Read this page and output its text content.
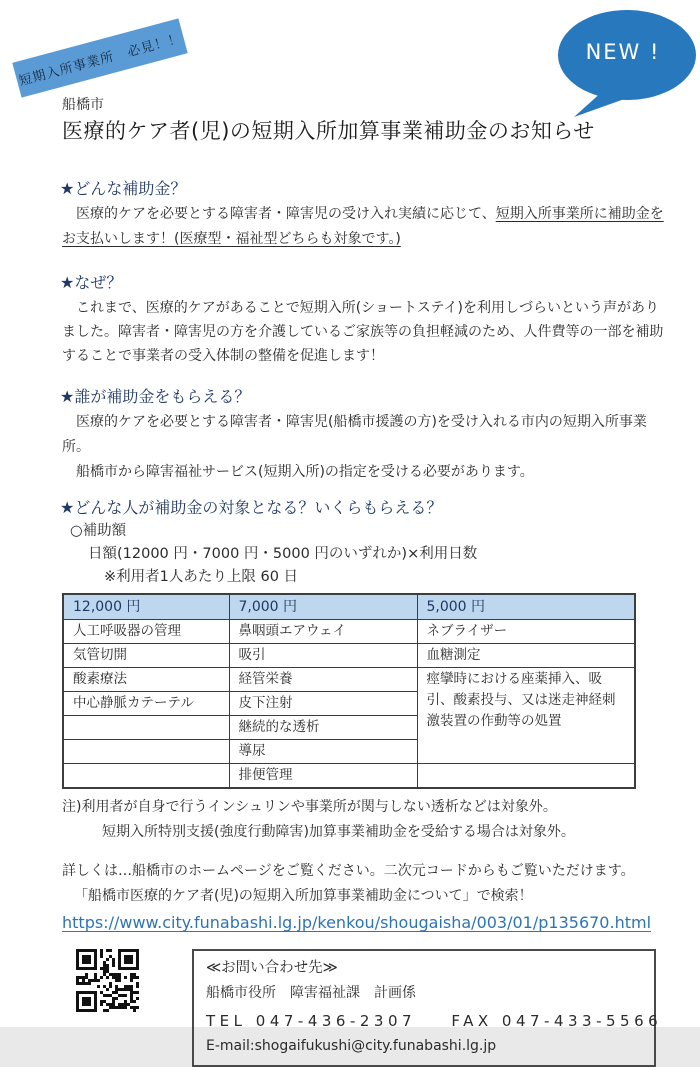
短期入所事業所　必見！！	NEW !
船橋市
医療的ケア者(児)の短期入所加算事業補助金のお知らせ
★どんな補助金？

医療的ケアを必要とする障害者・障害児の受け入れ実績に応じて、短期入所事業所に補助金をお支払いします！(医療型・福祉型どちらも対象です。)

★なぜ？

これまで、医療的ケアがあることで短期入所(ショートステイ)を利用しづらいという声がありました。障害者・障害児の方を介護しているご家族等の負担軽減のため、人件費等の一部を補助することで事業者の受入体制の整備を促進します！

★誰が補助金をもらえる？

医療的ケアを必要とする障害者・障害児(船橋市援護の方)を受け入れる市内の短期入所事業所。
船橋市から障害福祉サービス(短期入所)の指定を受ける必要があります。

★どんな人が補助金の対象となる？いくらもらえる？
○補助額
日額(12000 円・7000 円・5000 円のいずれか)×利用日数
※利用者1人あたり上限 60 日
12,000 円	7,000 円	5,000 円
人工呼吸器の管理	鼻咽頭エアウェイ	ネブライザー
気管切開	吸引	血糖測定
酸素療法	経管栄養	痙攣時における座薬挿入、吸引、酸素投与、又は迷走神経刺激装置の作動等の処置
中心静脈カテーテル	皮下注射	
	継続的な透析	
	導尿	
	排便管理	
注)利用者が自身で行うインシュリンや事業所が関与しない透析などは対象外。
短期入所特別支援(強度行動障害)加算事業補助金を受給する場合は対象外。
詳しくは…船橋市のホームページをご覧ください。二次元コードからもご覧いただけます。
「船橋市医療的ケア者(児)の短期入所加算事業補助金について」で検索！
https://www.city.funabashi.lg.jp/kenkou/shougaisha/003/01/p135670.html
≪お問い合わせ先≫
船橋市役所　障害福祉課　計画係
TEL 047-436-2307 FAX 047-433-5566
E-mail:shogaifukushi@city.funabashi.lg.jp
